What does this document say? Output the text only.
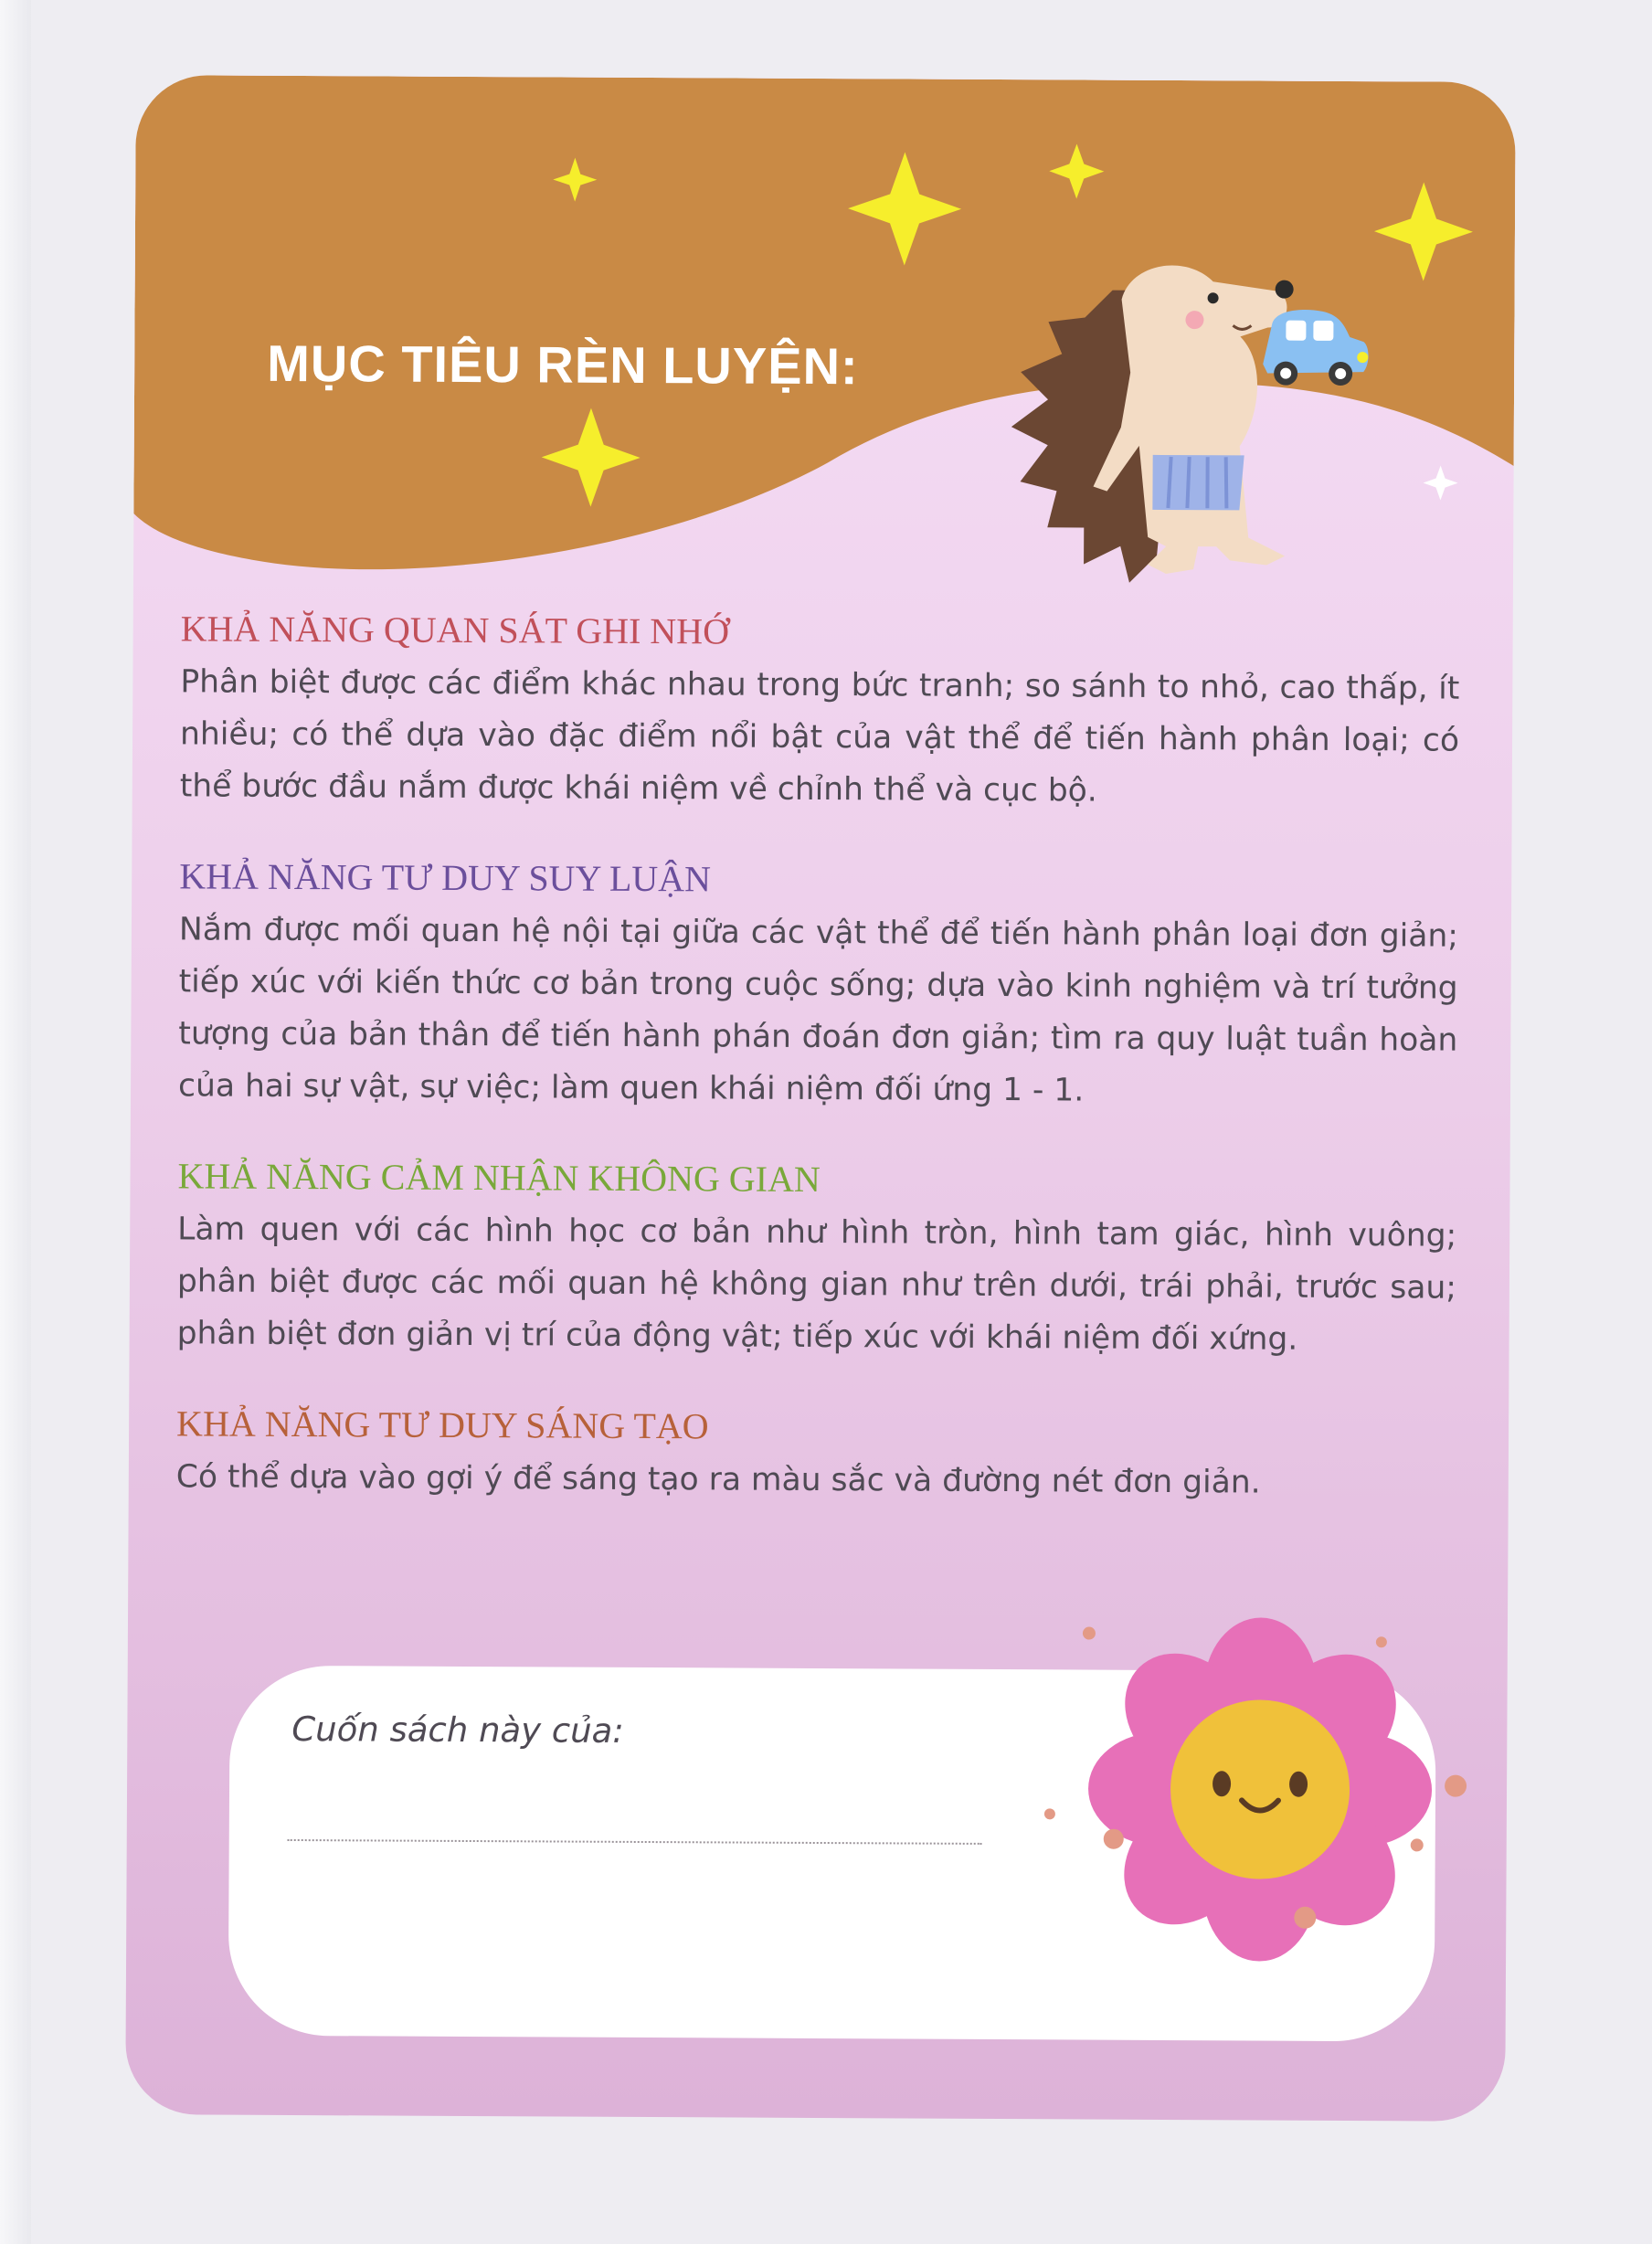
MỤC TIÊU RÈN LUYỆN:
KHẢ NĂNG QUAN SÁT GHI NHỚ
Phân biệt được các điểm khác nhau trong bức tranh; so sánh to nhỏ, cao thấp, ít nhiều; có thể dựa vào đặc điểm nổi bật của vật thể để tiến hành phân loại; có thể bước đầu nắm được khái niệm về chỉnh thể và cục bộ.
KHẢ NĂNG TƯ DUY SUY LUẬN
Nắm được mối quan hệ nội tại giữa các vật thể để tiến hành phân loại đơn giản; tiếp xúc với kiến thức cơ bản trong cuộc sống; dựa vào kinh nghiệm và trí tưởng tượng của bản thân để tiến hành phán đoán đơn giản; tìm ra quy luật tuần hoàn của hai sự vật, sự việc; làm quen khái niệm đối ứng 1 - 1.
KHẢ NĂNG CẢM NHẬN KHÔNG GIAN
Làm quen với các hình học cơ bản như hình tròn, hình tam giác, hình vuông; phân biệt được các mối quan hệ không gian như trên dưới, trái phải, trước sau; phân biệt đơn giản vị trí của động vật; tiếp xúc với khái niệm đối xứng.
KHẢ NĂNG TƯ DUY SÁNG TẠO
Có thể dựa vào gợi ý để sáng tạo ra màu sắc và đường nét đơn giản.
Cuốn sách này của:
